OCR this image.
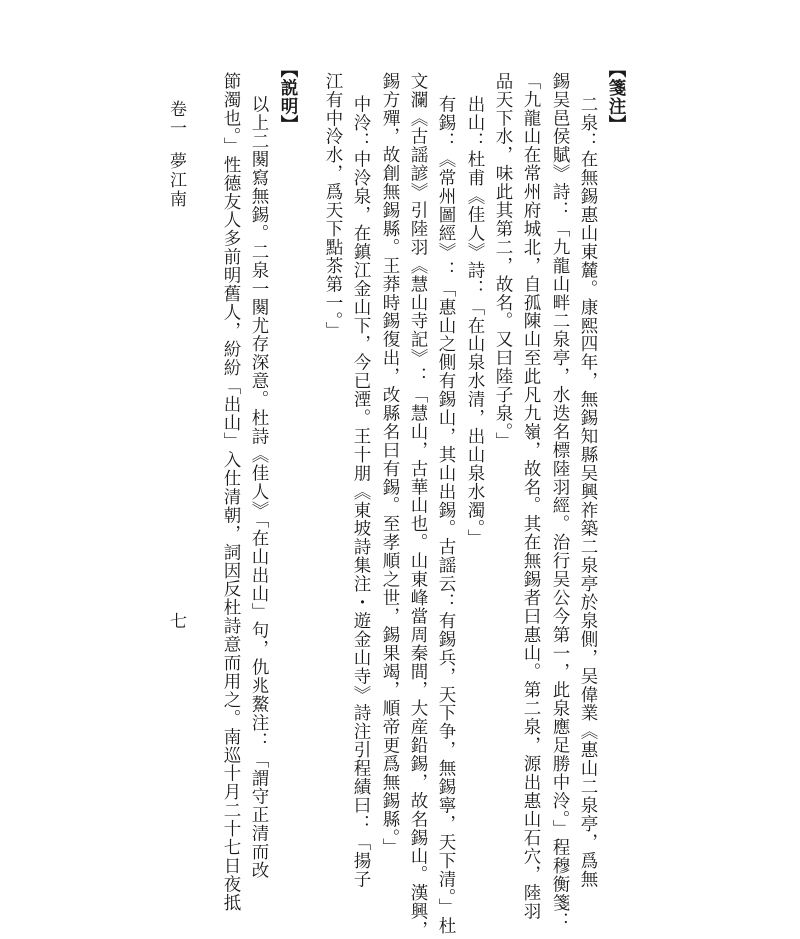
【箋注】
二泉：在無錫惠山東麓。康熙四年，無錫知縣吴興祚築二泉亭於泉側，吴偉業《惠山二泉亭，爲無
錫吴邑侯賦》詩：「九龍山畔二泉亭，水迭名標陸羽經。治行吴公今第一，此泉應足勝中泠。」程穆衡箋：
「九龍山在常州府城北，自孤陳山至此凡九嶺，故名。其在無錫者曰惠山。第二泉，源出惠山石穴，陸羽
品天下水，味此其第二，故名。又曰陸子泉。」
出山：杜甫《佳人》詩：「在山泉水清，出山泉水濁。」
有錫：《常州圖經》：「惠山之側有錫山，其山出錫。古謡云：有錫兵，天下争，無錫寧，天下清。」杜
文瀾《古謡諺》引陸羽《慧山寺記》：「慧山，古華山也。山東峰當周秦間，大産鉛錫，故名錫山。漢興，
錫方殫，故創無錫縣。王莽時錫復出，改縣名曰有錫。至孝順之世，錫果竭，順帝更爲無錫縣。」
中泠：中泠泉，在鎮江金山下，今已湮。王十朋《東坡詩集注・遊金山寺》詩注引程績曰：「揚子
江有中泠水，爲天下點茶第一。」
【説明】
以上二闋寫無錫。二泉一闋尤存深意。杜詩《佳人》「在山出山」句，仇兆鰲注：「謂守正清而改
節濁也。」性德友人多前明舊人，紛紛「出山」入仕清朝，詞因反杜詩意而用之。南巡十月二十七日夜抵
卷一
夢江南
七
